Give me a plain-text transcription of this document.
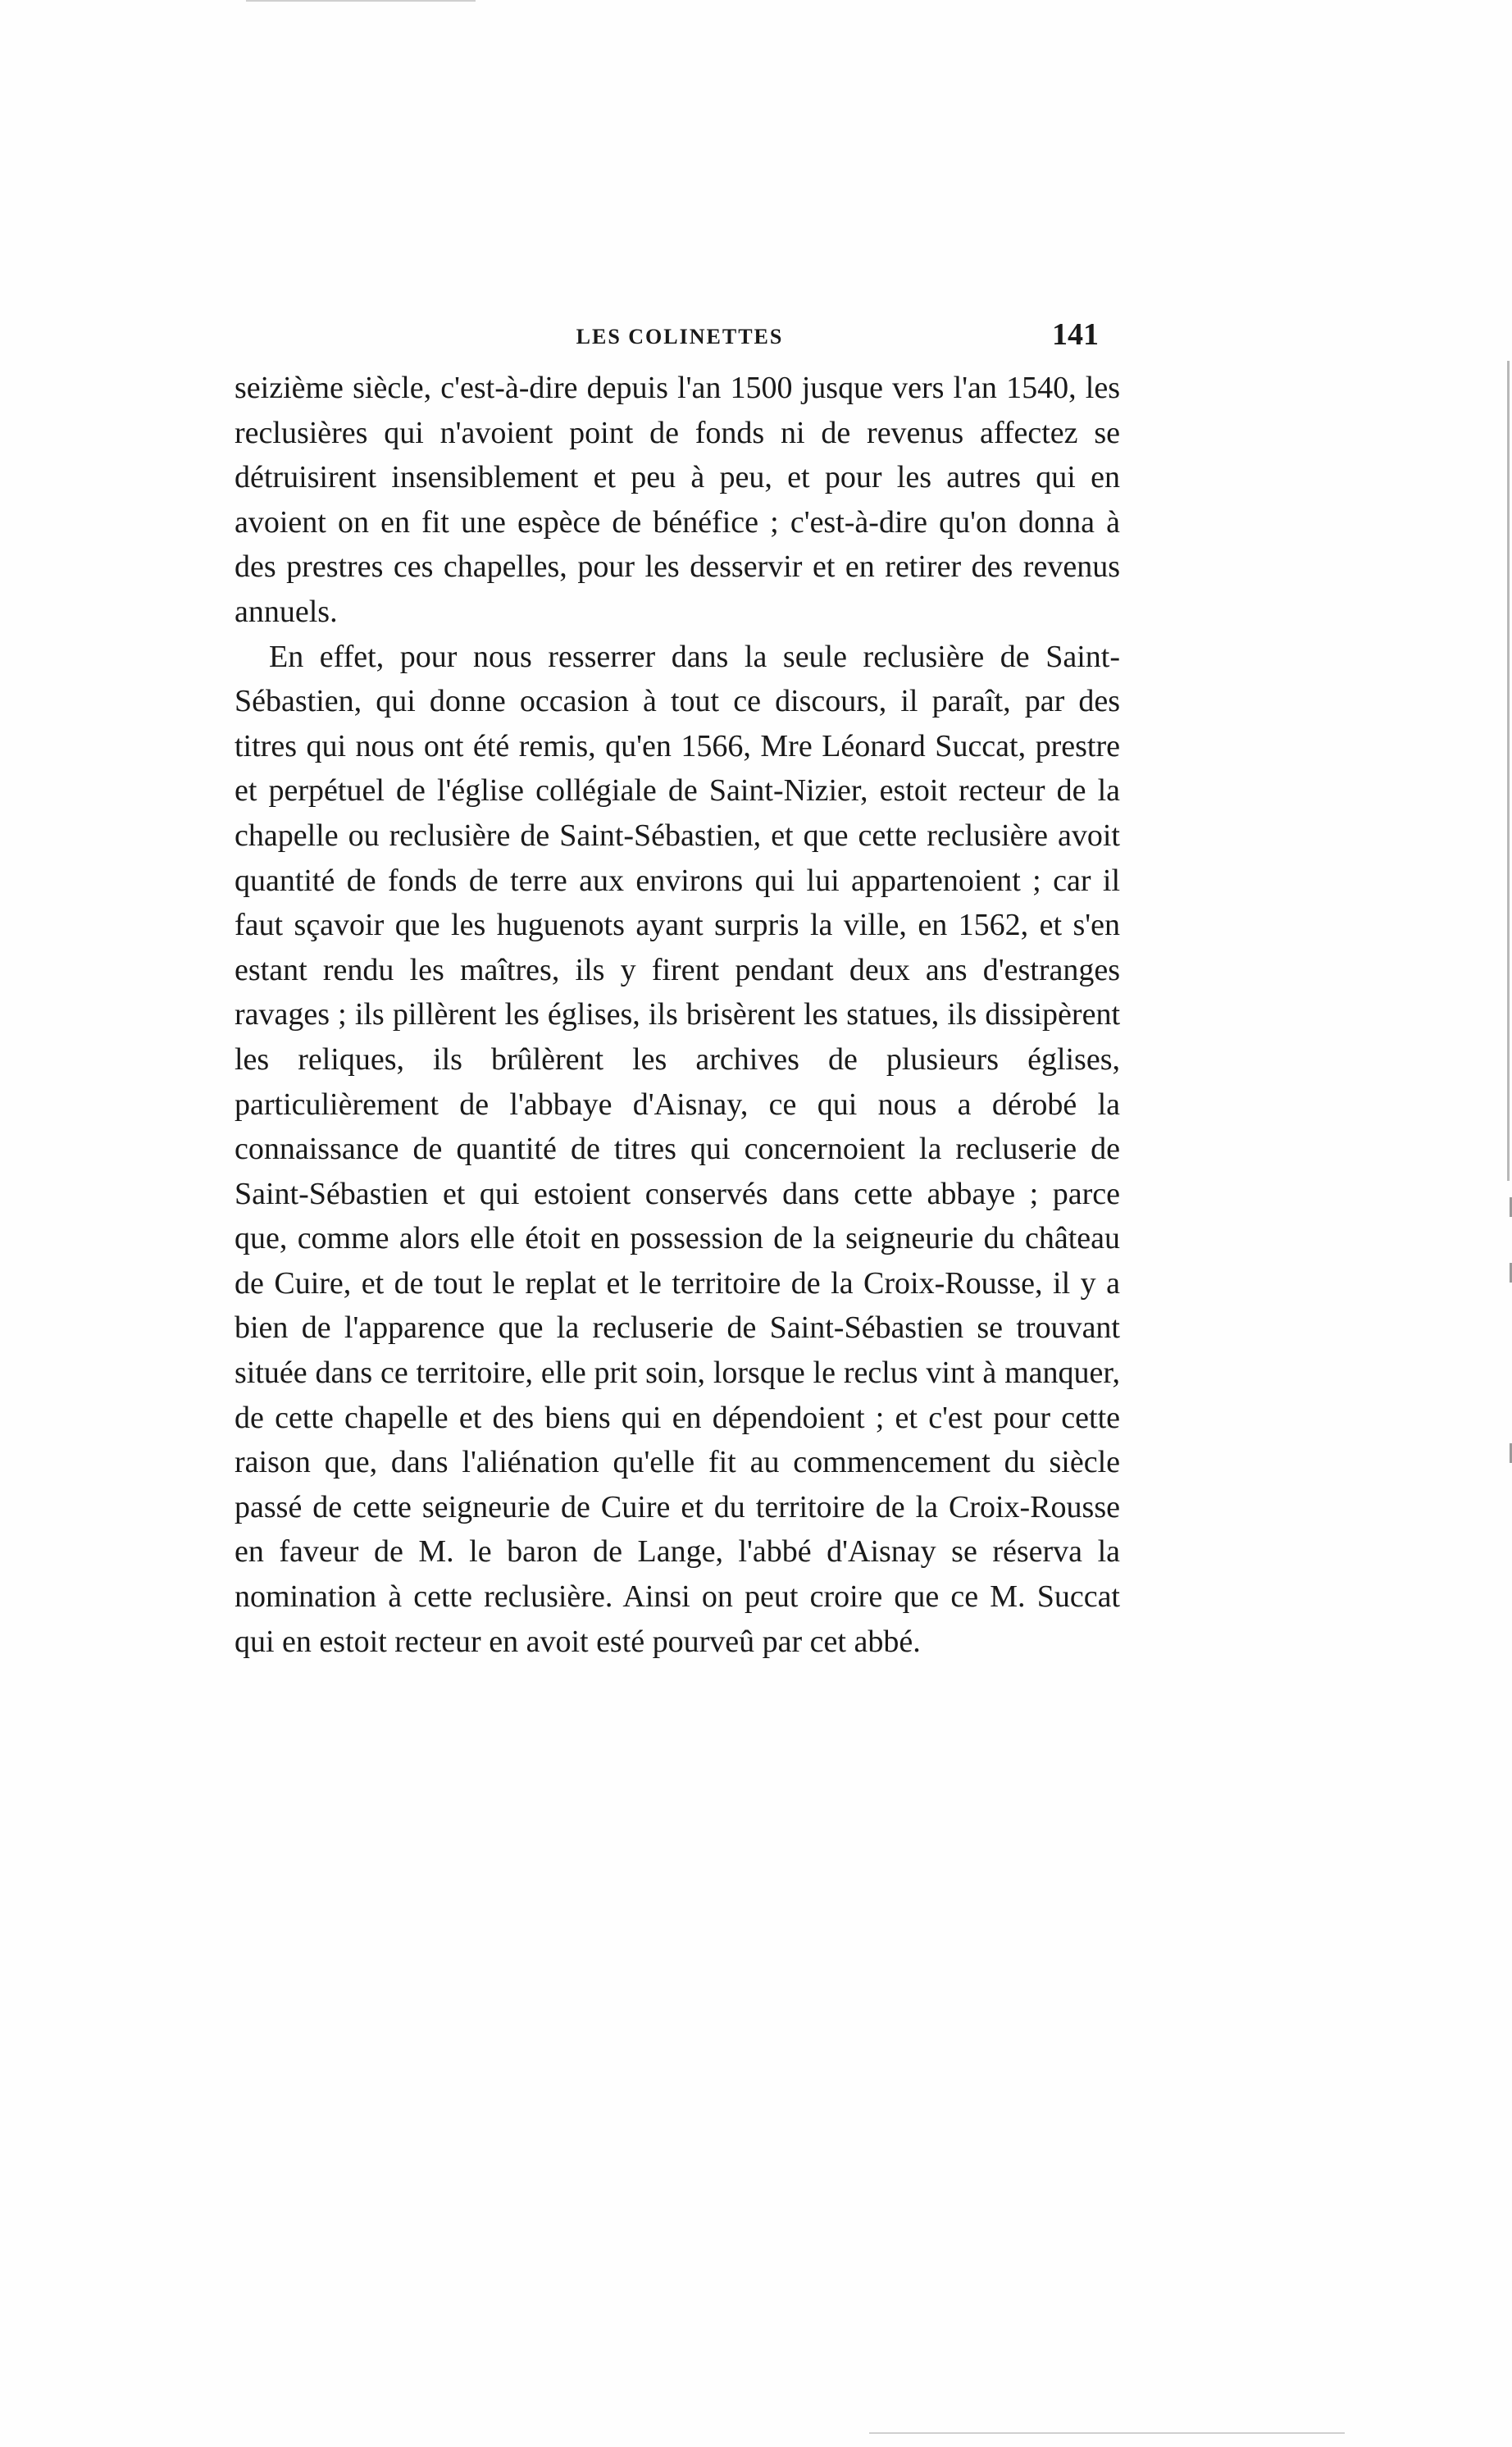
LES COLINETTES	141

seizième siècle, c'est-à-dire depuis l'an 1500 jusque vers l'an 1540, les reclusières qui n'avoient point de fonds ni de revenus affectez se détruisirent insensiblement et peu à peu, et pour les autres qui en avoient on en fit une espèce de bénéfice ; c'est-à-dire qu'on donna à des prestres ces chapelles, pour les desservir et en retirer des revenus annuels.

En effet, pour nous resserrer dans la seule reclusière de Saint-Sébastien, qui donne occasion à tout ce discours, il paraît, par des titres qui nous ont été remis, qu'en 1566, Mre Léonard Succat, prestre et perpétuel de l'église collégiale de Saint-Nizier, estoit recteur de la chapelle ou reclusière de Saint-Sébastien, et que cette reclusière avoit quantité de fonds de terre aux environs qui lui appartenoient ; car il faut sçavoir que les huguenots ayant surpris la ville, en 1562, et s'en estant rendu les maîtres, ils y firent pendant deux ans d'estranges ravages ; ils pillèrent les églises, ils brisèrent les statues, ils dissipèrent les reliques, ils brûlèrent les archives de plusieurs églises, particulièrement de l'abbaye d'Aisnay, ce qui nous a dérobé la connaissance de quantité de titres qui concernoient la recluserie de Saint-Sébastien et qui estoient conservés dans cette abbaye ; parce que, comme alors elle étoit en possession de la seigneurie du château de Cuire, et de tout le replat et le territoire de la Croix-Rousse, il y a bien de l'apparence que la recluserie de Saint-Sébastien se trouvant située dans ce territoire, elle prit soin, lorsque le reclus vint à manquer, de cette chapelle et des biens qui en dépendoient ; et c'est pour cette raison que, dans l'aliénation qu'elle fit au commencement du siècle passé de cette seigneurie de Cuire et du territoire de la Croix-Rousse en faveur de M. le baron de Lange, l'abbé d'Aisnay se réserva la nomination à cette reclusière. Ainsi on peut croire que ce M. Succat qui en estoit recteur en avoit esté pourveû par cet abbé.
